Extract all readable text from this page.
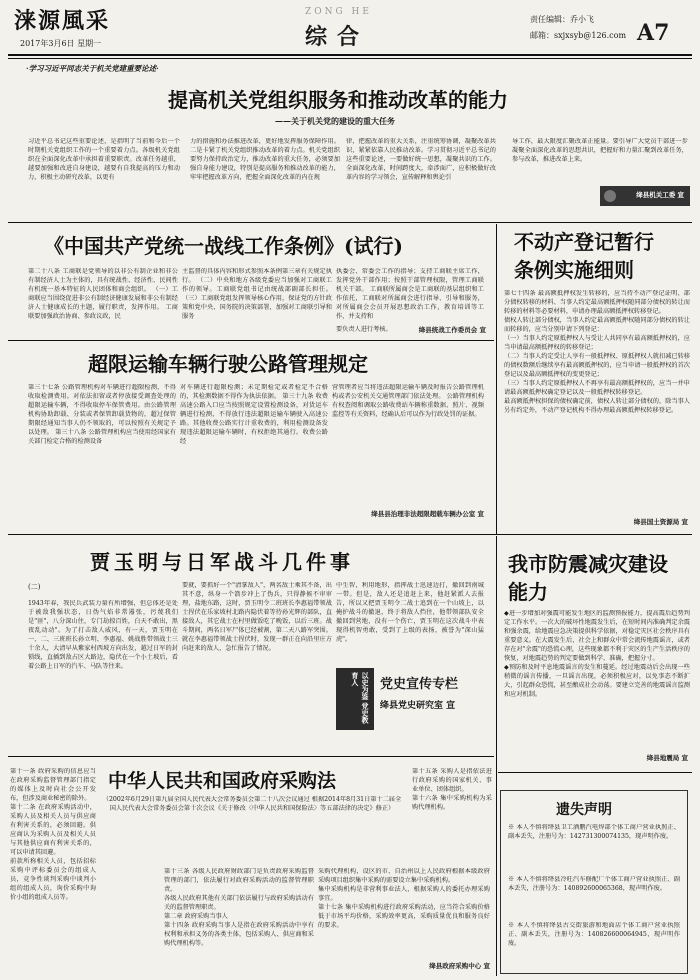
涞源風采
2017年3月6日 星期一
ZONG HE
综合
责任编辑：乔小飞
邮箱：sxjxsyb@126.com A7
·学习习近平同志关于机关党建重要论述·
提高机关党组织服务和推动改革的能力
——关于机关党的建设的重大任务
习近平总书记这些重要论述，是指明了当前和今后一个时期机关党组织工作的一个重要着力点。各级机关党组织在全面深化改革中承担着重要职责。改革任务越重，越要加强和改进自身建设，越要有自我提高的压力和动力，积极主动研究改革，以更有
力的措施和办法推进改革，更好地发挥服务保障作用。二是卡紧了机关党组织推动改革的着力点。机关党组织要努力保持政治定力，推动改革的重大任务，必须要加强自身能力建设，特别是提高服务和推动改革的能力，牢牢把握改革方向，把握全面深化改革的内在规
律，把握改革的重大关系，注重统筹协调，凝聚改革共识，紧紧依靠人民推动改革。学习贯彻习近平总书记的这些重要论述，一要做好统一思想，凝聚共识的工作。全面深化改革，时间跨度大，牵涉面广，应积极做好改革内容的学习领会，宣传解释和舆论引
导工作，最大限度汇聚改革正能量。要引导广大党员干部进一步凝聚全面深化改革的思想共识，把握好和力量汇聚到改革任务，参与改革，推进改革上来。
绛县机关工委 宣
《中国共产党统一战线工作条例》(试行)
第二十八条 工商联是党领导的以非公有制企业和非公有制经济人士为主体的，具有统战性、经济性、民间性有机统一基本特征的人民团体和商会组织。 （一）工商联应当围绕促进非公有制经济健康发展和非公有制经济人士健康成长的主题，履行职责，发挥作用。 工商联要加强政治协商、参政议政，民
主监督的具体内容和形式参照本条例第三章有关规定执行。 （二）中央和地方各级党委应当加强对工商联工作的领导。工商联党组书记由统战部副部长担任。 （三）工商联党组发挥领导核心作用，保证党的方针政策和党中央、国务院的决策部署，加强对工商联引导和服务
执委会、常委会工作的指导；支持工商联主席工作，发挥党外干部作用；按照干部管理权限，管理工商联机关干部。 工商联所属商会是工商联的基层组织和工作依托，工商联对所属商会进行指导、引导和服务，对所属商会会员开展思想政治工作，教育培训等工作，并支持和
要负责人进行考核。	绛县统战工作委员会 宣
不动产登记暂行
条例实施细则
第七十四条 最高额抵押权发生转移的，应当持不动产登记证明、部分债权转移的材料、当事人约定最高额抵押权随同部分债权的转让而转移的材料等必要材料，申请办理最高额抵押权转移登记。
债权人转让部分债权，当事人约定最高额抵押权随同部分债权的转让而转移的，应当分别申请下列登记：
（一）当事人约定原抵押权人与受让人共同享有最高额抵押权的，应当申请最高额抵押权的转移登记；
（二）当事人约定受让人享有一般抵押权、原抵押权人就扣减已转移的债权数额后继续享有最高额抵押权的，应当申请一般抵押权的首次登记以及最高额抵押权的变更登记；
（三）当事人约定原抵押权人不再享有最高额抵押权的，应当一并申请最高额抵押权确定登记以及一般抵押权转移登记。
最高额抵押权担保的债权确定前，债权人转让部分债权的，除当事人另有约定外，不动产登记机构不得办理最高额抵押权转移登记。
绛县国土资源局 宣
超限运输车辆行驶公路管理规定
第三十七条 公路管理机构对车辆进行超限检测，不得收取检测费用。对依法扣留或者停放接受调查处理的超限运输车辆，不得收取停车保管费用。由公路管理机构协助卸载、分装或者保管卸载货物的，超过保管期限经通知当事人仍不领取的，可以按照有关规定予以处理。 第三十八条 公路管理机构应当使用经国家有关部门检定合格的检测设备
对车辆进行超限检测；未定期检定或者检定不合格的，其检测数据不得作为执法依据。 第三十九条 收费高速公路入口应当按照规定设置检测设备，对货运车辆进行检测，不得放行违法超限运输车辆驶入高速公路。其他收费公路实行计重收费的，利用检测设备发现违法超限运输车辆时，有权拒绝其通行。收费公路经
营管理者应当将违法超限运输车辆及时报告公路管理机构或者公安机关交通管理部门依法处理。 公路管理机构有权查阅和调取公路收费站车辆称重数据、照片、视频监控等有关资料，经确认后可以作为行政处罚的证据。
绛县县治理非法超限超载车辆办公室 宣
贾玉明与日军战斗几件事
(二)
1943年春，我民兵武装力量有所增强，但总体还是处于被敌我强状态，日伪气焰非常嚣张，污蔑我们是"匪"，八分深山住，专门劫掠百姓，白天不敢出，黑夜乱动动"。为了打击敌人威风，有一天，贾玉明在一、二、三班班长孙立明、李惠福、姚战胜带领战士三十余人，大清早从紫家村西坡方向出发，越过日军的封锁线，直插到敌占区大路边，隐伏在一个小土坡后，看着公路上日军的汽车、马队等往来。
要就，要抓好一个"清掌敌人"，两名敌士乘其不备，出其不意，纵身一个箭步冲上了伪兵，只得静候不审审理，盐地东路，这时，贾玉明令二班班长李惠福带领战士捏伏在乐家坡村北路内隐伏着等待孙光辉的部队，直接敌人，其它战士在村里做饭吃了晚饭，以后三班。战斗期间，两名日军尸体已经被割，第二天八路军突围。就在李惠福带领战士捏伏时，发现一群正在向沿里庄方向赶来的敌人，急忙报告了情况。
中生智，利用地形，指挥战士迅速边打，撤回到南城一带。但是，敌人还是追赶上来，他赶紧派人去报告，所以又把贾玉明令二战士追到在一个山坡上，以掩护战斗的撤退，终于将敌人挡住，他带领部队安全撤回到营地，没有一个伤亡，贾玉明在这次战斗中表现得机智勇敢，受到了上级的表扬，被誉为"深山猛虎"。
以史为鉴 党史教育人	党史宣传专栏
绛县党史研究室 宣
我市防震减灾建设
能力
◆进一步增加对强震可能发生地区的监测预报能力，提高震后趋势判定工作水平。一次大的破坏性地震发生后，在短时间内准确判定余震和强余震，给地震应急决策提供科学依据，对稳定灾区社会秩序具有重要意义。在大震发生后，社会上和群众中常会流传地震谣言，或者存在对"余震"的恐慌心理，这些现象都不利于灾区的生产生活秩序的恢复，对地震趋势的判定要做到科学、准确，把握分寸。
◆预防和及时平息地震谣言的发生和蔓延。经过地震动后会出现一些稍微的谣言传播，一旦谣言出现，必须积极应对，以免事态不断扩大，引起群众恐慌，甚至酿成社会动荡。要建立完善的地震谣言监测和应对机制。
绛县地震局 宣
遗失声明
※ 本人不慎将绛县卫工酒鹏汽电焊部个体工商户营业执照正、副本丢失，注册号为：142731300074135，现声明作废。
※ 本人不慎将绛县冷旺汽车修配厂个体工商户营业执照正、副本丢失，注册号为：140892600065368，现声明作废。
※ 本人不慎将绛县古交街旅游和地面店个体工商户营业执照正、副本丢失，注册号为：140826600064945，现声明作废。
第十一条 政府采购的信息应当在政府采购监督管理部门指定的媒体上及时向社会公开发布，但涉及商业秘密的除外。
第十二条 在政府采购活动中，采购人员及相关人员与供应商有利害关系的，必须回避。供应商认为采购人员及相关人员与其他供应商有利害关系的，可以申请其回避。
前款所称相关人员，包括招标采购中评标委员会的组成人员，竞争性谈判采购中谈判小组的组成人员，询价采购中询价小组的组成人员等。
中华人民共和国政府采购法
（2002年6月29日第九届全国人民代表大会常务委员会第二十八次会议通过 根据2014年8月31日第十二届全国人民代表大会常务委员会第十次会议《关于修改〈中华人民共和国保险法〉等五部法律的决定》修正）
第十五条 采购人是指依法进行政府采购的国家机关、事业单位、团体组织。
第十六条 集中采购机构为采购代理机构。
第十三条 各级人民政府财政部门是负责政府采购监督管理的部门，依法履行对政府采购活动的监督管理职责。
各级人民政府其他有关部门依法履行与政府采购活动有关的监督管理职责。
第二章 政府采购当事人
第十四条 政府采购当事人是指在政府采购活动中享有权利和承担义务的各类主体，包括采购人、供应商和采购代理机构等。
采购代理机构，设区的市、自治州以上人民政府根据本级政府采购项目组织集中采购的需要设立集中采购机构。
集中采购机构是非营利事业法人，根据采购人的委托办理采购事宜。
第十七条 集中采购机构进行政府采购活动，应当符合采购价格低于市场平均价格，采购效率更高，采购质量优良和服务良好的要求。
绛县政府采购中心 宣
